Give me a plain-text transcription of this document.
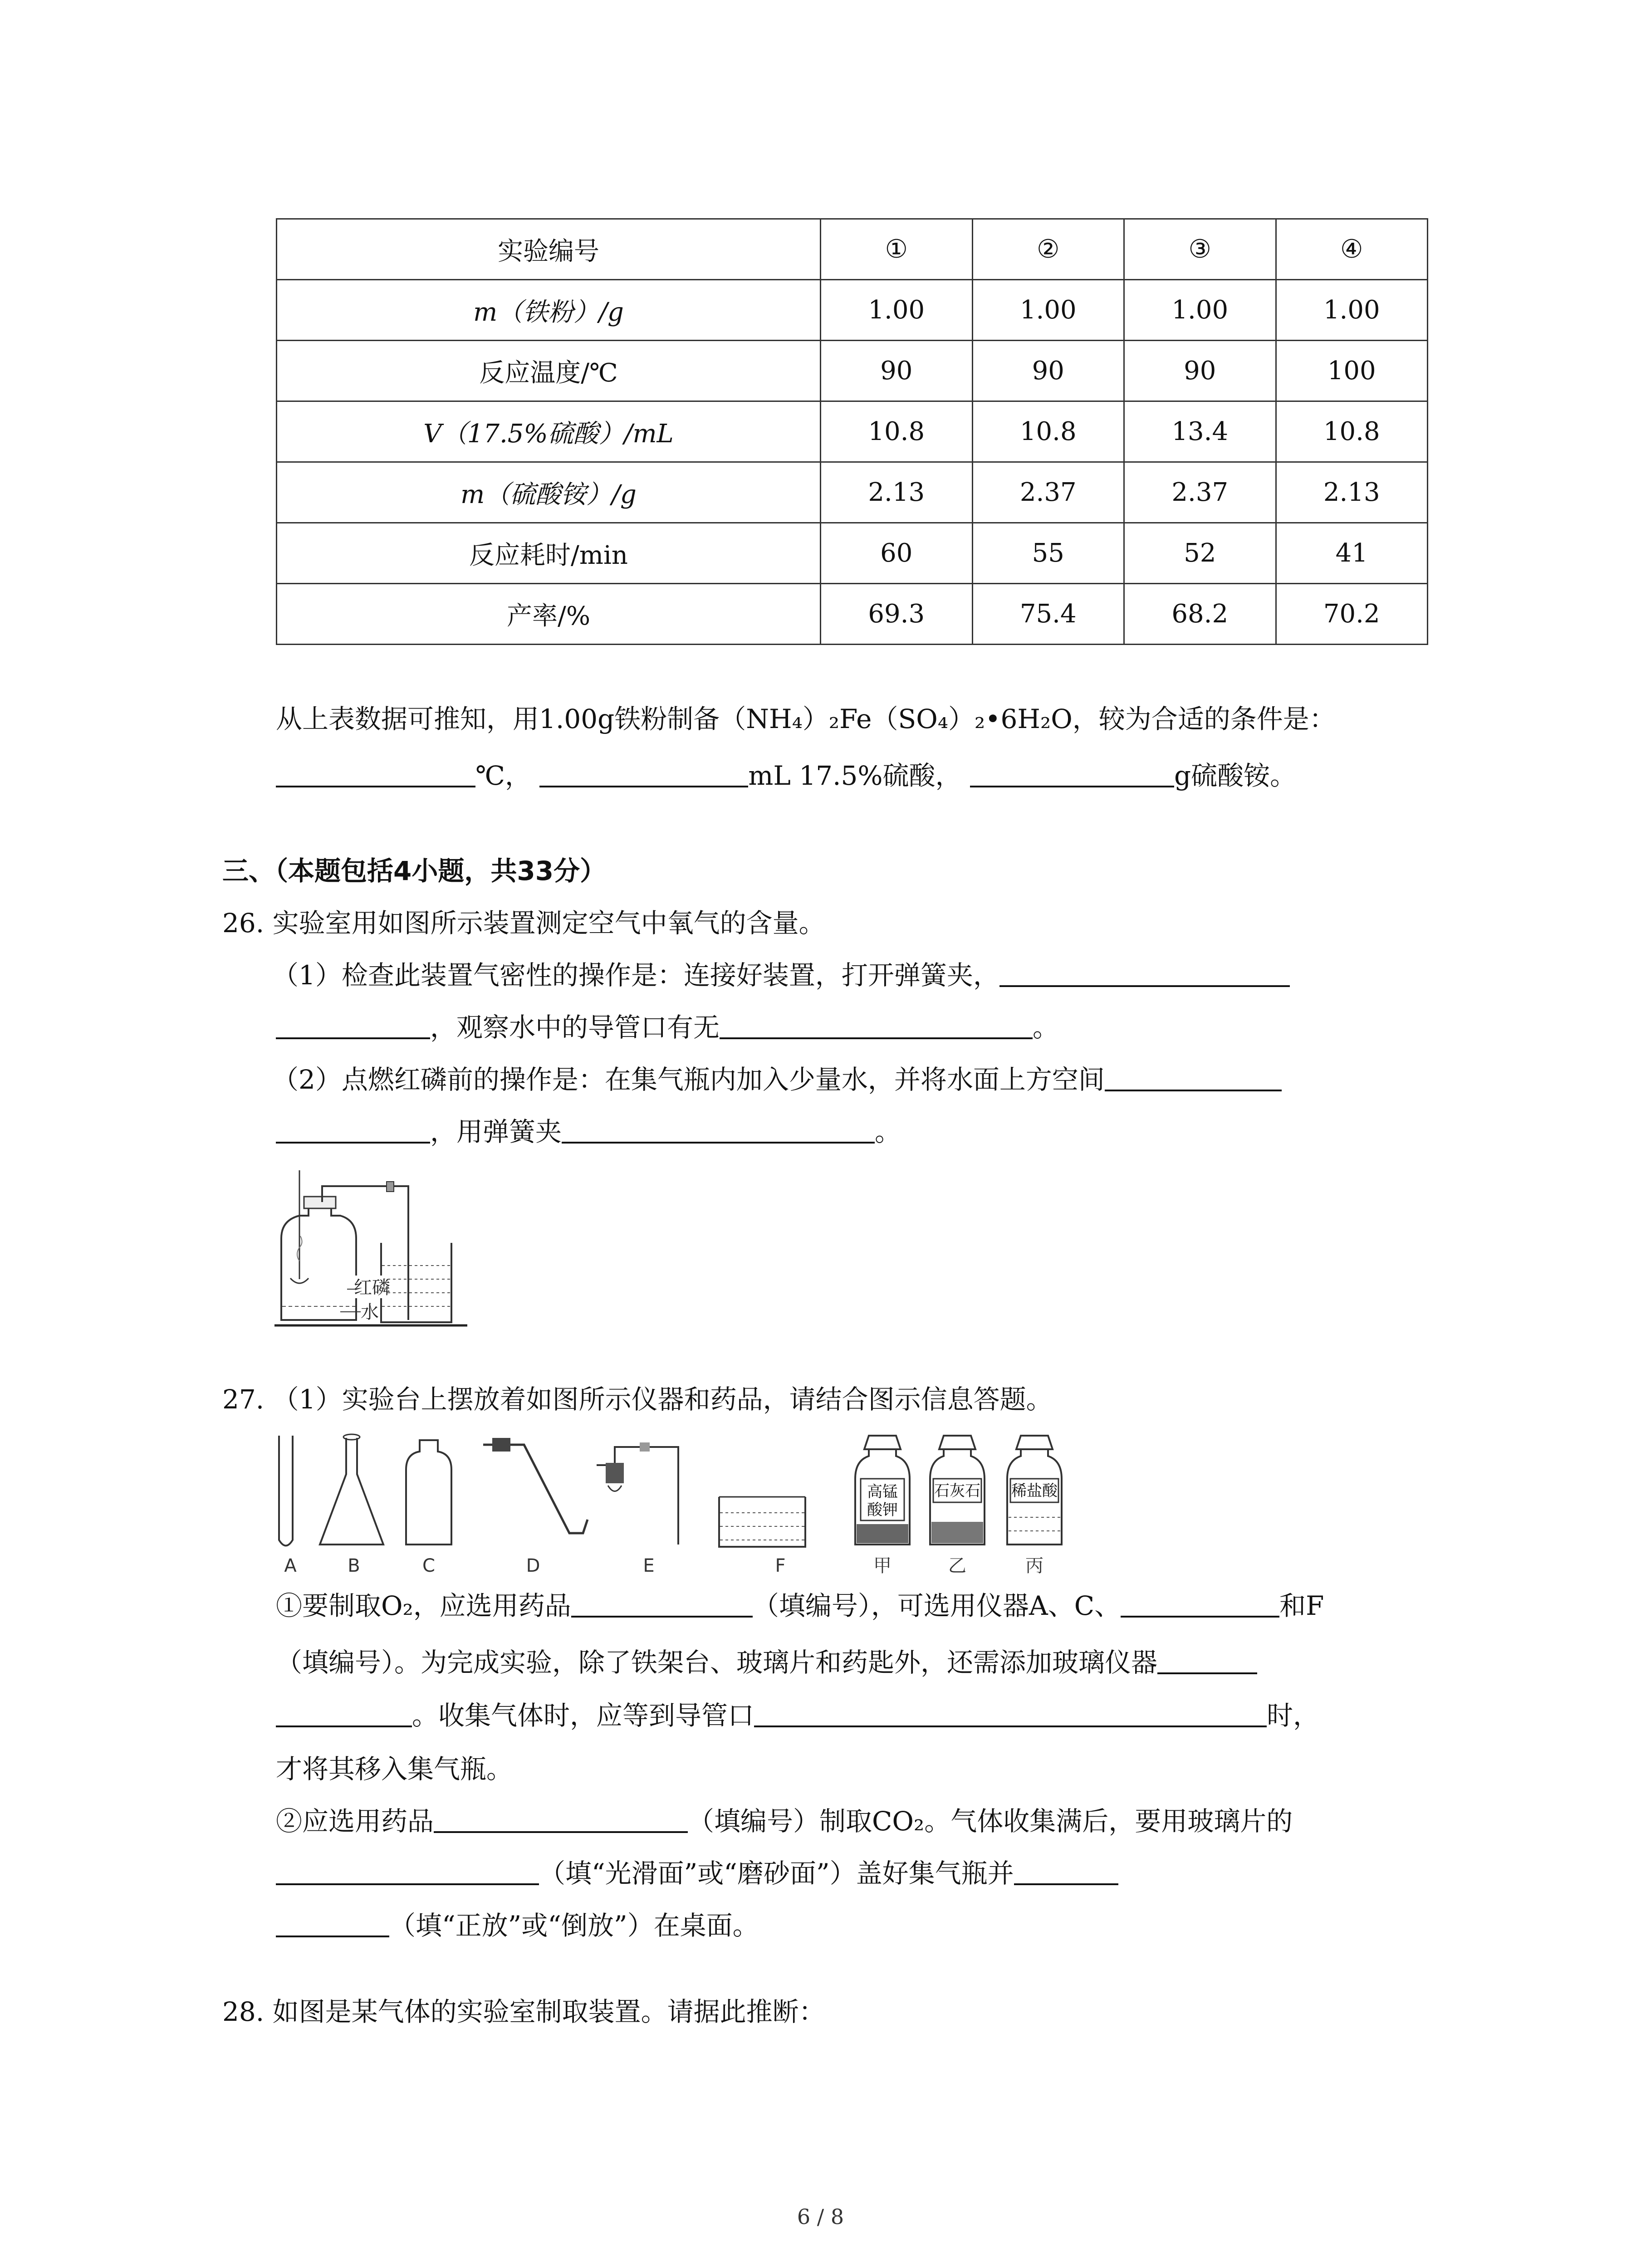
实验编号	①	②	③	④
m（铁粉）/g	1.00	1.00	1.00	1.00
反应温度/℃	90	90	90	100
V（17.5%硫酸）/mL	10.8	10.8	13.4	10.8
m（硫酸铵）/g	2.13	2.37	2.37	2.13
反应耗时/min	60	55	52	41
产率/%	69.3	75.4	68.2	70.2
从上表数据可推知，用1.00g铁粉制备（NH₄）₂Fe（SO₄）₂•6H₂O，较为合适的条件是：
℃，	mL 17.5%硫酸，	g硫酸铵。
三、（本题包括4小题，共33分）
26. 实验室用如图所示装置测定空气中氧气的含量。
（1）检查此装置气密性的操作是：连接好装置，打开弹簧夹，
，观察水中的导管口有无	。
（2）点燃红磷前的操作是：在集气瓶内加入少量水，并将水面上方空间
，用弹簧夹	。
红磷
水
27. （1）实验台上摆放着如图所示仪器和药品，请结合图示信息答题。
高锰酸钾
石灰石 稀盐酸
A	B	C	D	E	F	甲	乙	丙
①要制取O₂，应选用药品	（填编号），可选用仪器A、C、	和F
（填编号）。为完成实验，除了铁架台、玻璃片和药匙外，还需添加玻璃仪器
。收集气体时，应等到导管口	时，
才将其移入集气瓶。
②应选用药品	（填编号）制取CO₂。气体收集满后，要用玻璃片的
（填“光滑面”或“磨砂面”）盖好集气瓶并
（填“正放”或“倒放”）在桌面。
28. 如图是某气体的实验室制取装置。请据此推断：
6 / 8
